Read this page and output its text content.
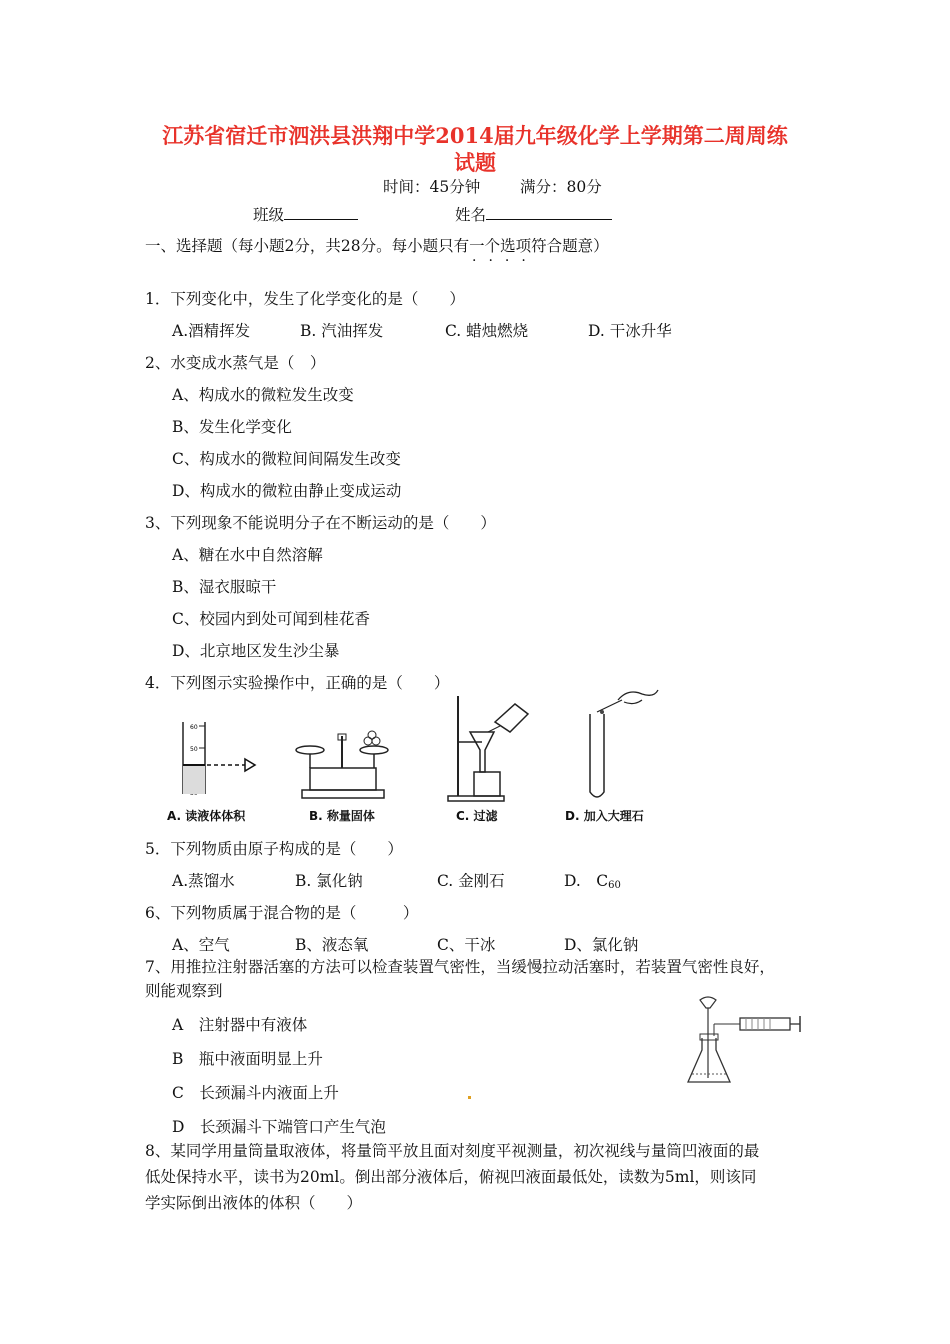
江苏省宿迁市泗洪县洪翔中学2014届九年级化学上学期第二周周练
试题
时间：45分钟	满分：80分
班级	姓名
一、选择题（每小题2分，共28分。每小题只有一个选项符合题意）
····
1．下列变化中，发生了化学变化的是（　　）
A.酒精挥发	B. 汽油挥发	C. 蜡烛燃烧	D. 干冰升华
2、水变成水蒸气是（　）
A、构成水的微粒发生改变
B、发生化学变化
C、构成水的微粒间间隔发生改变
D、构成水的微粒由静止变成运动
3、下列现象不能说明分子在不断运动的是（　　）
A、糖在水中自然溶解
B、湿衣服晾干
C、校园内到处可闻到桂花香
D、北京地区发生沙尘暴
4．下列图示实验操作中，正确的是（　　）
60
50
A. 读液体体积	B. 称量固体	C. 过滤	D. 加入大理石
5．下列物质由原子构成的是（　　）
A.蒸馏水	B. 氯化钠	C. 金刚石	D.　$C_{60}$
6、下列物质属于混合物的是（　　　）
A、空气	B、液态氧	C、干冰	D、氯化钠
7、用推拉注射器活塞的方法可以检查装置气密性，当缓慢拉动活塞时，若装置气密性良好，
则能观察到
A　注射器中有液体
B　瓶中液面明显上升
C　长颈漏斗内液面上升
D　长颈漏斗下端管口产生气泡
8、某同学用量筒量取液体，将量筒平放且面对刻度平视测量，初次视线与量筒凹液面的最
低处保持水平，读书为20ml。倒出部分液体后，俯视凹液面最低处，读数为5ml，则该同
学实际倒出液体的体积（　　）
